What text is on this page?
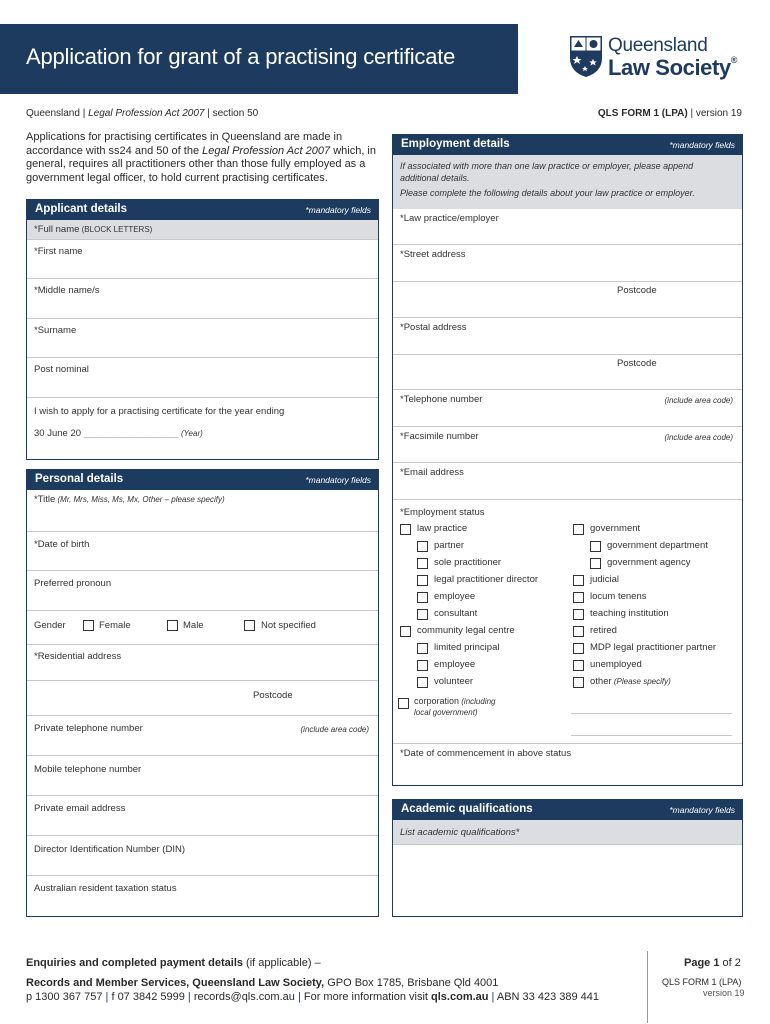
Application for grant of a practising certificate	Queensland
Law Society®
Queensland | Legal Profession Act 2007 | section 50	QLS FORM 1 (LPA) | version 19
Applications for practising certificates in Queensland are made in accordance with ss24 and 50 of the Legal Profession Act 2007 which, in general, requires all practitioners other than those fully employed as a government legal officer, to hold current practising certificates.
Applicant details	*mandatory fields
*Full name (BLOCK LETTERS)
*First name
*Middle name/s
*Surname
Post nominal
I wish to apply for a practising certificate for the year ending
30 June 20 __________________ (Year)
Personal details	*mandatory fields
*Title (Mr, Mrs, Miss, Ms, Mx, Other – please specify)
*Date of birth
Preferred pronoun
Gender	Female	Male	Not specified
*Residential address
Postcode
Private telephone number	(include area code)
Mobile telephone number
Private email address
Director Identification Number (DIN)
Australian resident taxation status
Employment details	*mandatory fields
If associated with more than one law practice or employer, please append additional details.
Please complete the following details about your law practice or employer.
*Law practice/employer
*Street address
Postcode
*Postal address
Postcode
*Telephone number	(include area code)
*Facsimile number	(include area code)
*Email address
*Employment status
law practice
partner
sole practitioner
legal practitioner director
employee
consultant
community legal centre
limited principal
employee
volunteer
government
government department
government agency
judicial
locum tenens
teaching institution
retired
MDP legal practitioner partner
unemployed
other (Please specify)
corporation (including
local government)
*Date of commencement in above status
Academic qualifications	*mandatory fields
List academic qualifications*
Enquiries and completed payment details (if applicable) –
Records and Member Services, Queensland Law Society, GPO Box 1785, Brisbane Qld 4001
p 1300 367 757 | f 07 3842 5999 | records@qls.com.au | For more information visit qls.com.au | ABN 33 423 389 441
Page 1 of 2
QLS FORM 1 (LPA)
version 19
